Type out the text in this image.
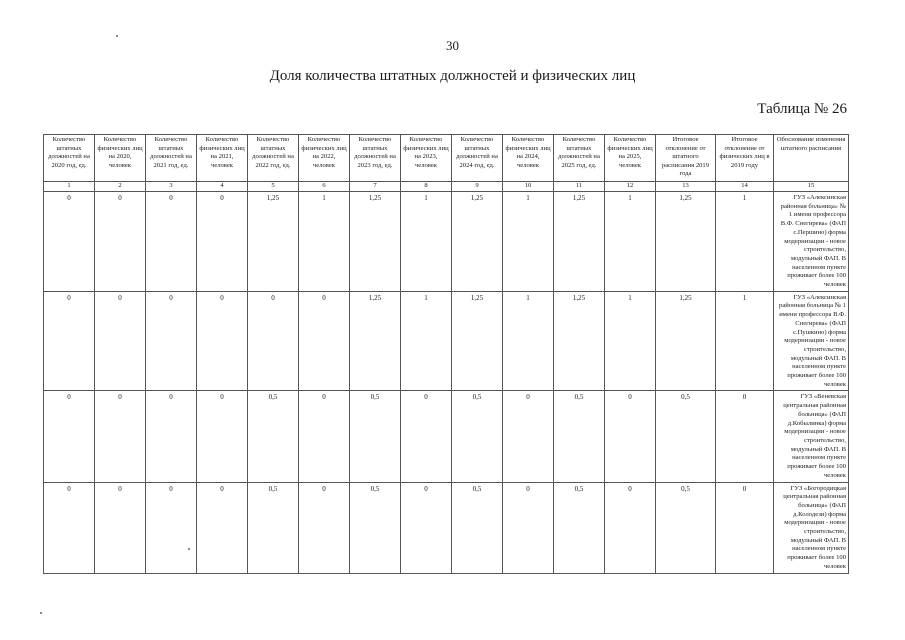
30
Доля количества штатных должностей и физических лиц
Таблица № 26
Количество штатных должностей на 2020 год, ед.	Количество физических лиц на 2020, человек	Количество штатных должностей на 2021 год, ед.	Количество физических лиц на 2021, человек	Количество штатных должностей на 2022 год, ед.	Количество физических лиц на 2022, человек	Количество штатных должностей на 2023 год, ед.	Количество физических лиц на 2023, человек	Количество штатных должностей на 2024 год, ед.	Количество физических лиц на 2024, человек	Количество штатных должностей на 2025 год, ед.	Количество физических лиц на 2025, человек	Итоговое отклонение от штатного расписания 2019 года	Итоговое отклонение от физических лиц в 2019 году	Обоснование изменения штатного расписания
1	2	3	4	5	6	7	8	9	10	11	12	13	14	15
0	0	0	0	1,25	1	1,25	1	1,25	1	1,25	1	1,25	1	ГУЗ «Алексинская районная больница» № 1 имени профессора В.Ф. Снегирева» (ФАП с.Першино) форма модернизации - новое строительство, модульный ФАП. В населенном пункте проживает более 100 человек
0	0	0	0	0	0	1,25	1	1,25	1	1,25	1	1,25	1	ГУЗ «Алексинская районная больница № 1 имени профессора В.Ф. Снегирева» (ФАП с.Пушкино) форма модернизации - новое строительство, модульный ФАП. В населенном пункте проживает более 100 человек
0	0	0	0	0,5	0	0,5	0	0,5	0	0,5	0	0,5	0	ГУЗ «Веневская центральная районная больница» (ФАП д.Кобылинка) форма модернизации - новое строительство, модульный ФАП. В населенном пункте проживает более 100 человек
0	0	0	0	0,5	0	0,5	0	0,5	0	0,5	0	0,5	0	ГУЗ «Богородицкая центральная районная больница» (ФАП д.Колодези) форма модернизации - новое строительство, модульный ФАП. В населенном пункте проживает более 100 человек
